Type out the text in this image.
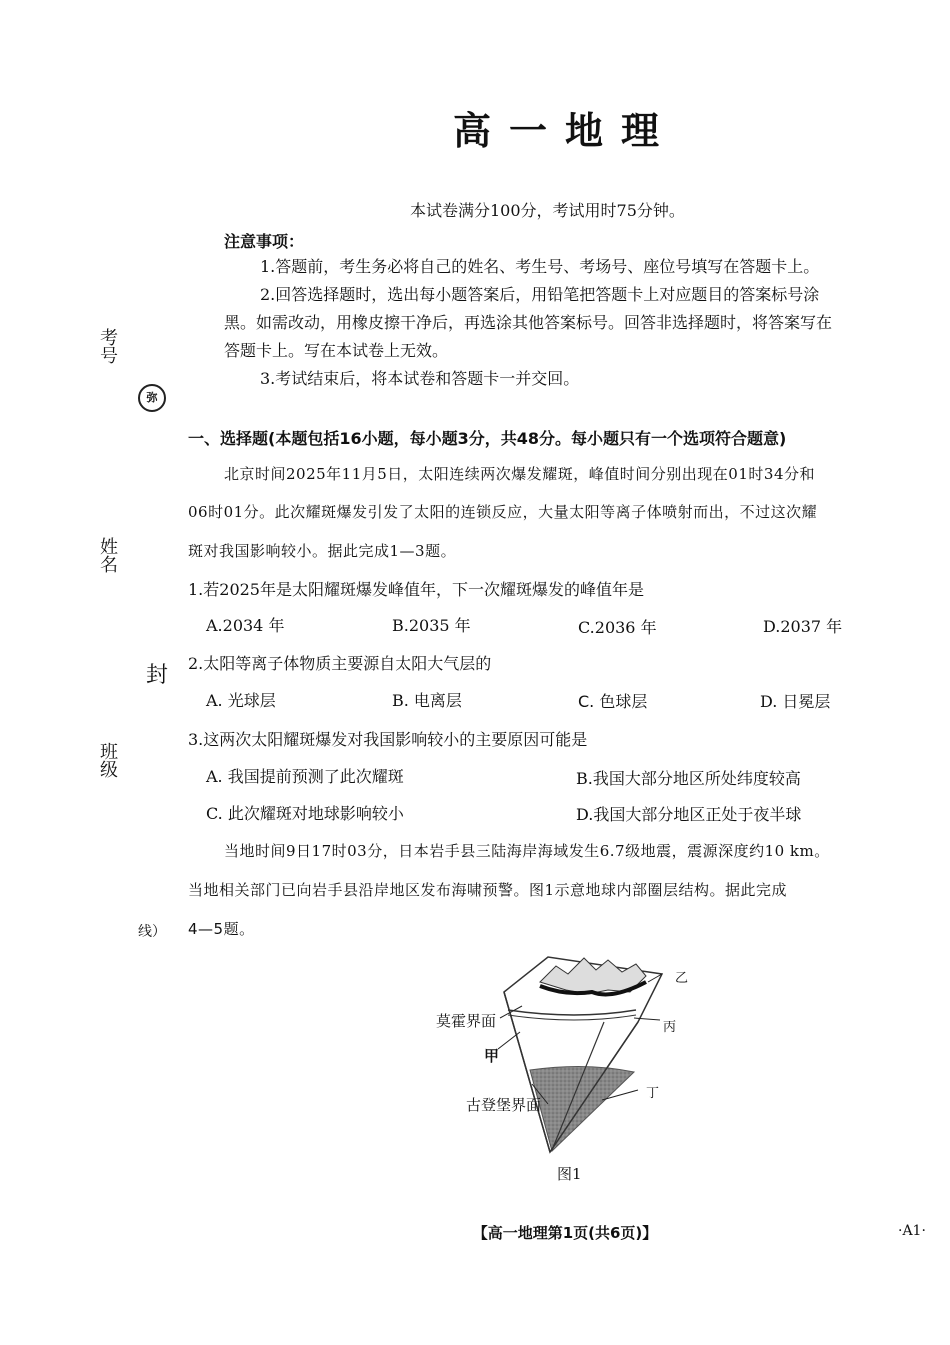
高一地理
本试卷满分100分，考试用时75分钟。
注意事项：
1.答题前，考生务必将自己的姓名、考生号、考场号、座位号填写在答题卡上。
2.回答选择题时，选出每小题答案后，用铅笔把答题卡上对应题目的答案标号涂
黑。如需改动，用橡皮擦干净后，再选涂其他答案标号。回答非选择题时，将答案写在
答题卡上。写在本试卷上无效。
3.考试结束后，将本试卷和答题卡一并交回。
考号
弥
姓名
封
班级
线）
一、选择题(本题包括16小题，每小题3分，共48分。每小题只有一个选项符合题意)
北京时间2025年11月5日，太阳连续两次爆发耀斑，峰值时间分别出现在01时34分和
06时01分。此次耀斑爆发引发了太阳的连锁反应，大量太阳等离子体喷射而出，不过这次耀
斑对我国影响较小。据此完成1—3题。
1.若2025年是太阳耀斑爆发峰值年，下一次耀斑爆发的峰值年是
A.2034 年	B.2035 年	C.2036 年	D.2037 年
2.太阳等离子体物质主要源自太阳大气层的
A. 光球层	B. 电离层	C. 色球层	D. 日冕层
3.这两次太阳耀斑爆发对我国影响较小的主要原因可能是
A. 我国提前预测了此次耀斑	B.我国大部分地区所处纬度较高
C. 此次耀斑对地球影响较小	D.我国大部分地区正处于夜半球
当地时间9日17时03分，日本岩手县三陆海岸海域发生6.7级地震，震源深度约10 km。
当地相关部门已向岩手县沿岸地区发布海啸预警。图1示意地球内部圈层结构。据此完成
4—5题。
莫霍界面
甲
乙
丙
丁
古登堡界面
图1
【高一地理第1页(共6页)】	·A1·
